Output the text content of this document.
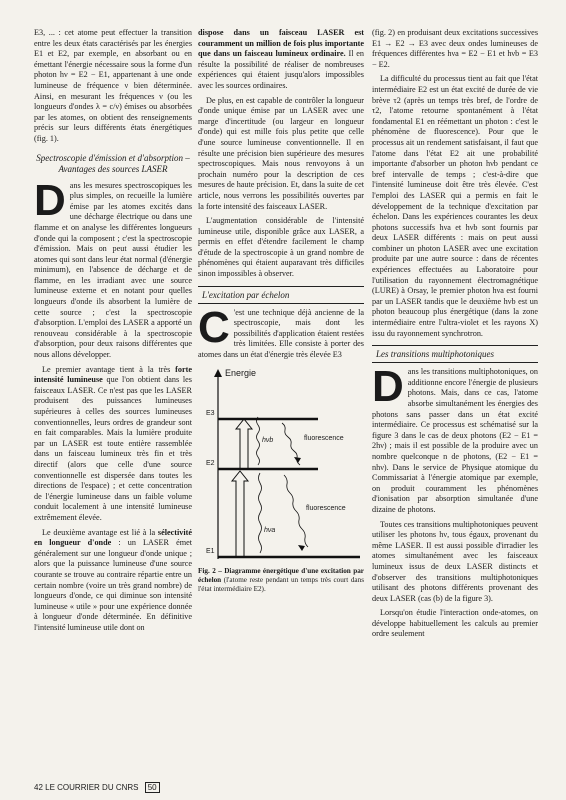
E3, ... : cet atome peut effectuer la transition entre les deux états caractérisés par les énergies E1 et E2, par exemple, en absorbant ou en émettant l'énergie nécessaire sous la forme d'un photon hν = E2 − E1, appartenant à une onde lumineuse de fréquence ν bien déterminée. Ainsi, en mesurant les fréquences ν (ou les longueurs d'ondes λ = c/ν) émises ou absorbées par les atomes, on obtient des renseignements précis sur leurs différents états énergétiques (fig. 1).

Spectroscopie d'émission et d'absorption – Avantages des sources LASER

Dans les mesures spectroscopiques les plus simples, on recueille la lumière émise par les atomes excités dans une décharge électrique ou dans une flamme et on analyse les différentes longueurs d'onde qui la composent ; c'est la spectroscopie d'émission. Mais on peut aussi étudier les atomes qui sont dans leur état normal (d'énergie minimum), en l'absence de décharge et de flamme, en les irradiant avec une source lumineuse externe et en notant pour quelles longueurs d'onde ils absorbent la lumière de cette source ; c'est la spectroscopie d'absorption. L'emploi des LASER a apporté un renouveau considérable à la spectroscopie d'absorption, pour deux raisons différentes que nous allons développer.

Le premier avantage tient à la très forte intensité lumineuse que l'on obtient dans les faisceaux LASER. Ce n'est pas que les LASER produisent des puissances lumineuses supérieures à celles des sources lumineuses conventionnelles, leurs ordres de grandeur sont en fait comparables. Mais la lumière produite par un LASER est toute entière rassemblée dans un faisceau lumineux très fin et très directif (alors que celle d'une source conventionnelle est dispersée dans toutes les directions de l'espace) ; et cette concentration de l'énergie lumineuse dans un faible volume conduit localement à une intensité lumineuse extrêmement élevée.

Le deuxième avantage est lié à la sélectivité en longueur d'onde : un LASER émet généralement sur une longueur d'onde unique ; alors que la puissance lumineuse d'une source courante se trouve au contraire répartie entre un certain nombre (voire un très grand nombre) de longueurs d'onde, ce qui diminue son intensité lumineuse « utile » pour une expérience donnée à longueur d'onde déterminée. En définitive l'intensité lumineuse utile dont on

dispose dans un faisceau LASER est couramment un million de fois plus importante que dans un faisceau lumineux ordinaire. Il en résulte la possibilité de réaliser de nombreuses expériences qui étaient jusqu'alors impossibles avec les sources ordinaires.

De plus, en est capable de contrôler la longueur d'onde unique émise par un LASER avec une marge d'incertitude (ou largeur en longueur d'onde) qui est mille fois plus petite que celle d'une source lumineuse conventionnelle. Il en résulte une précision bien supérieure des mesures spectroscopiques. Mais nous renvoyons à un prochain numéro pour la description de ces mesures de haute précision. Et, dans la suite de cet article, nous verrons les possibilités ouvertes par la forte intensité des faisceaux LASER.

L'augmentation considérable de l'intensité lumineuse utile, disponible grâce aux LASER, a permis en effet d'étendre facilement le champ d'étude de la spectroscopie à un grand nombre de phénomènes qui étaient auparavant très difficiles sinon impossibles à observer.

L'excitation par échelon

C 'est une technique déjà ancienne de la spectroscopie, mais dont les possibilités d'application étaient restées très limitées. Elle consiste à porter des atomes dans un état d'énergie très élevée E3

Energie
E3
E2
E1
hνb
hνa
fluorescence
fluorescence

Fig. 2 – Diagramme énergétique d'une excitation par échelon (l'atome reste pendant un temps très court dans l'état intermédiaire E2).

(fig. 2) en produisant deux excitations successives E1 → E2 → E3 avec deux ondes lumineuses de fréquences différentes hνa = E2 − E1 et hνb = E3 − E2.

La difficulté du processus tient au fait que l'état intermédiaire E2 est un état excité de durée de vie brève τ2 (après un temps très bref, de l'ordre de τ2, l'atome retourne spontanément à l'état fondamental E1 en réémettant un photon : c'est le phénomène de fluorescence). Pour que le processus ait un rendement satisfaisant, il faut que l'atome dans l'état E2 ait une probabilité importante d'absorber un photon hνb pendant ce bref intervalle de temps ; c'est-à-dire que l'intensité lumineuse doit être très élevée. C'est l'emploi des LASER qui a permis en fait le développement de la technique d'excitation par échelon. Dans les expériences courantes les deux photons successifs hνa et hνb sont fournis par deux LASER différents : mais on peut aussi combiner un photon LASER avec une excitation produite par une autre source : dans de récentes expériences effectuées au Laboratoire pour l'utilisation du rayonnement électromagnétique (LURE) à Orsay, le premier photon hνa est fourni par un LASER tandis que le deuxième hνb est un photon beaucoup plus énergétique (dans la zone intermédiaire entre l'ultra-violet et les rayons X) issu du rayonnement synchrotron.

Les transitions multiphotoniques

Dans les transitions multiphotoniques, on additionne encore l'énergie de plusieurs photons. Mais, dans ce cas, l'atome absorbe simultanément les énergies des photons sans passer dans un état excité intermédiaire. Ce processus est schématisé sur la figure 3 dans le cas de deux photons (E2 − E1 = 2hν) ; mais il est possible de la produire avec un nombre quelconque n de photons, (E2 − E1 = nhν). Dans le service de Physique atomique du Commissariat à l'énergie atomique par exemple, on produit couramment les phénomènes d'ionisation par absorption simultanée d'une dizaine de photons.

Toutes ces transitions multiphotoniques peuvent utiliser les photons hν, tous égaux, provenant du même LASER. Il est aussi possible d'irradier les atomes simultanément avec les faisceaux lumineux issus de deux LASER distincts et d'observer des transitions multiphotoniques utilisant des photons différents provenant des deux LASER (cas (b) de la figure 3).

Lorsqu'on étudie l'interaction onde-atomes, on développe habituellement les calculs au premier ordre seulement

42 LE COURRIER DU CNRS 50
